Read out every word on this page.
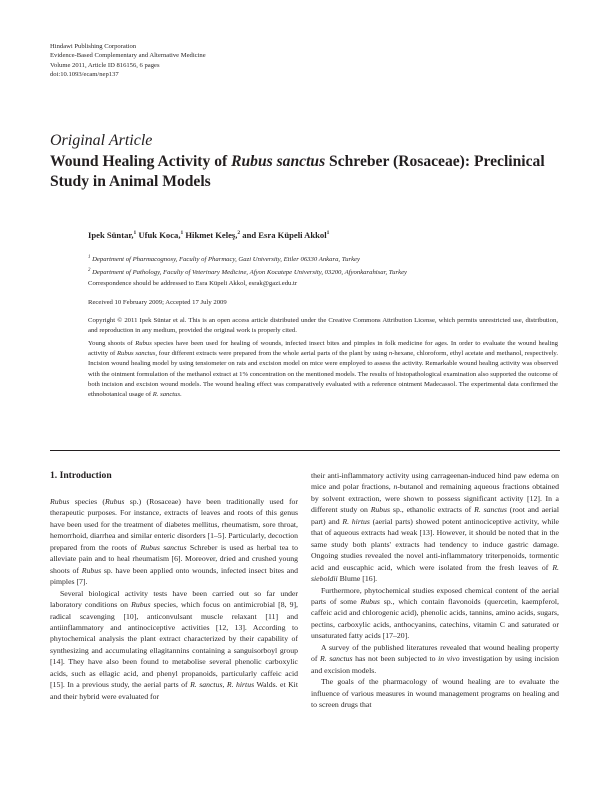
Hindawi Publishing Corporation
Evidence-Based Complementary and Alternative Medicine
Volume 2011, Article ID 816156, 6 pages
doi:10.1093/ecam/nep137
Original Article
Wound Healing Activity of Rubus sanctus Schreber (Rosaceae): Preclinical Study in Animal Models
Ipek Süntar,$^1$ Ufuk Koca,$^1$ Hikmet Keleş,$^2$ and Esra Küpeli Akkol$^1$
$^1$ Department of Pharmacognosy, Faculty of Pharmacy, Gazi University, Etiler 06330 Ankara, Turkey
$^2$ Department of Pathology, Faculty of Veterinary Medicine, Afyon Kocatepe University, 03200, Afyonkarahisar, Turkey
Correspondence should be addressed to Esra Küpeli Akkol, esrak@gazi.edu.tr
Received 10 February 2009; Accepted 17 July 2009
Copyright © 2011 Ipek Süntar et al. This is an open access article distributed under the Creative Commons Attribution License, which permits unrestricted use, distribution, and reproduction in any medium, provided the original work is properly cited.

Young shoots of Rubus species have been used for healing of wounds, infected insect bites and pimples in folk medicine for ages. In order to evaluate the wound healing activity of Rubus sanctus, four different extracts were prepared from the whole aerial parts of the plant by using n-hexane, chloroform, ethyl acetate and methanol, respectively. Incision wound healing model by using tensiometer on rats and excision model on mice were employed to assess the activity. Remarkable wound healing activity was observed with the ointment formulation of the methanol extract at 1% concentration on the mentioned models. The results of histopathological examination also supported the outcome of both incision and excision wound models. The wound healing effect was comparatively evaluated with a reference ointment Madecassol. The experimental data confirmed the ethnobotanical usage of R. sanctus.

1. Introduction

Rubus species (Rubus sp.) (Rosaceae) have been traditionally used for therapeutic purposes. For instance, extracts of leaves and roots of this genus have been used for the treatment of diabetes mellitus, rheumatism, sore throat, hemorrhoid, diarrhea and similar enteric disorders [1–5]. Particularly, decoction prepared from the roots of Rubus sanctus Schreber is used as herbal tea to alleviate pain and to heal rheumatism [6]. Moreover, dried and crushed young shoots of Rubus sp. have been applied onto wounds, infected insect bites and pimples [7].

Several biological activity tests have been carried out so far under laboratory conditions on Rubus species, which focus on antimicrobial [8, 9], radical scavenging [10], anticonvulsant muscle relaxant [11] and antiinflammatory and antinociceptive activities [12, 13]. According to phytochemical analysis the plant extract characterized by their capability of synthesizing and accumulating ellagitannins containing a sanguisorboyl group [14]. They have also been found to metabolise several phenolic carboxylic acids, such as ellagic acid, and phenyl propanoids, particularly caffeic acid [15]. In a previous study, the aerial parts of R. sanctus, R. hirtus Walds. et Kit and their hybrid were evaluated for

their anti-inflammatory activity using carrageenan-induced hind paw edema on mice and polar fractions, n-butanol and remaining aqueous fractions obtained by solvent extraction, were shown to possess significant activity [12]. In a different study on Rubus sp., ethanolic extracts of R. sanctus (root and aerial part) and R. hirtus (aerial parts) showed potent antinociceptive activity, while that of aqueous extracts had weak [13]. However, it should be noted that in the same study both plants' extracts had tendency to induce gastric damage. Ongoing studies revealed the novel anti-inflammatory triterpenoids, tormentic acid and euscaphic acid, which were isolated from the fresh leaves of R. sieboldii Blume [16].

Furthermore, phytochemical studies exposed chemical content of the aerial parts of some Rubus sp., which contain flavonoids (quercetin, kaempferol, caffeic acid and chlorogenic acid), phenolic acids, tannins, amino acids, sugars, pectins, carboxylic acids, anthocyanins, catechins, vitamin C and saturated or unsaturated fatty acids [17–20].

A survey of the published literatures revealed that wound healing property of R. sanctus has not been subjected to in vivo investigation by using incision and excision models.

The goals of the pharmacology of wound healing are to evaluate the influence of various measures in wound management programs on healing and to screen drugs that
